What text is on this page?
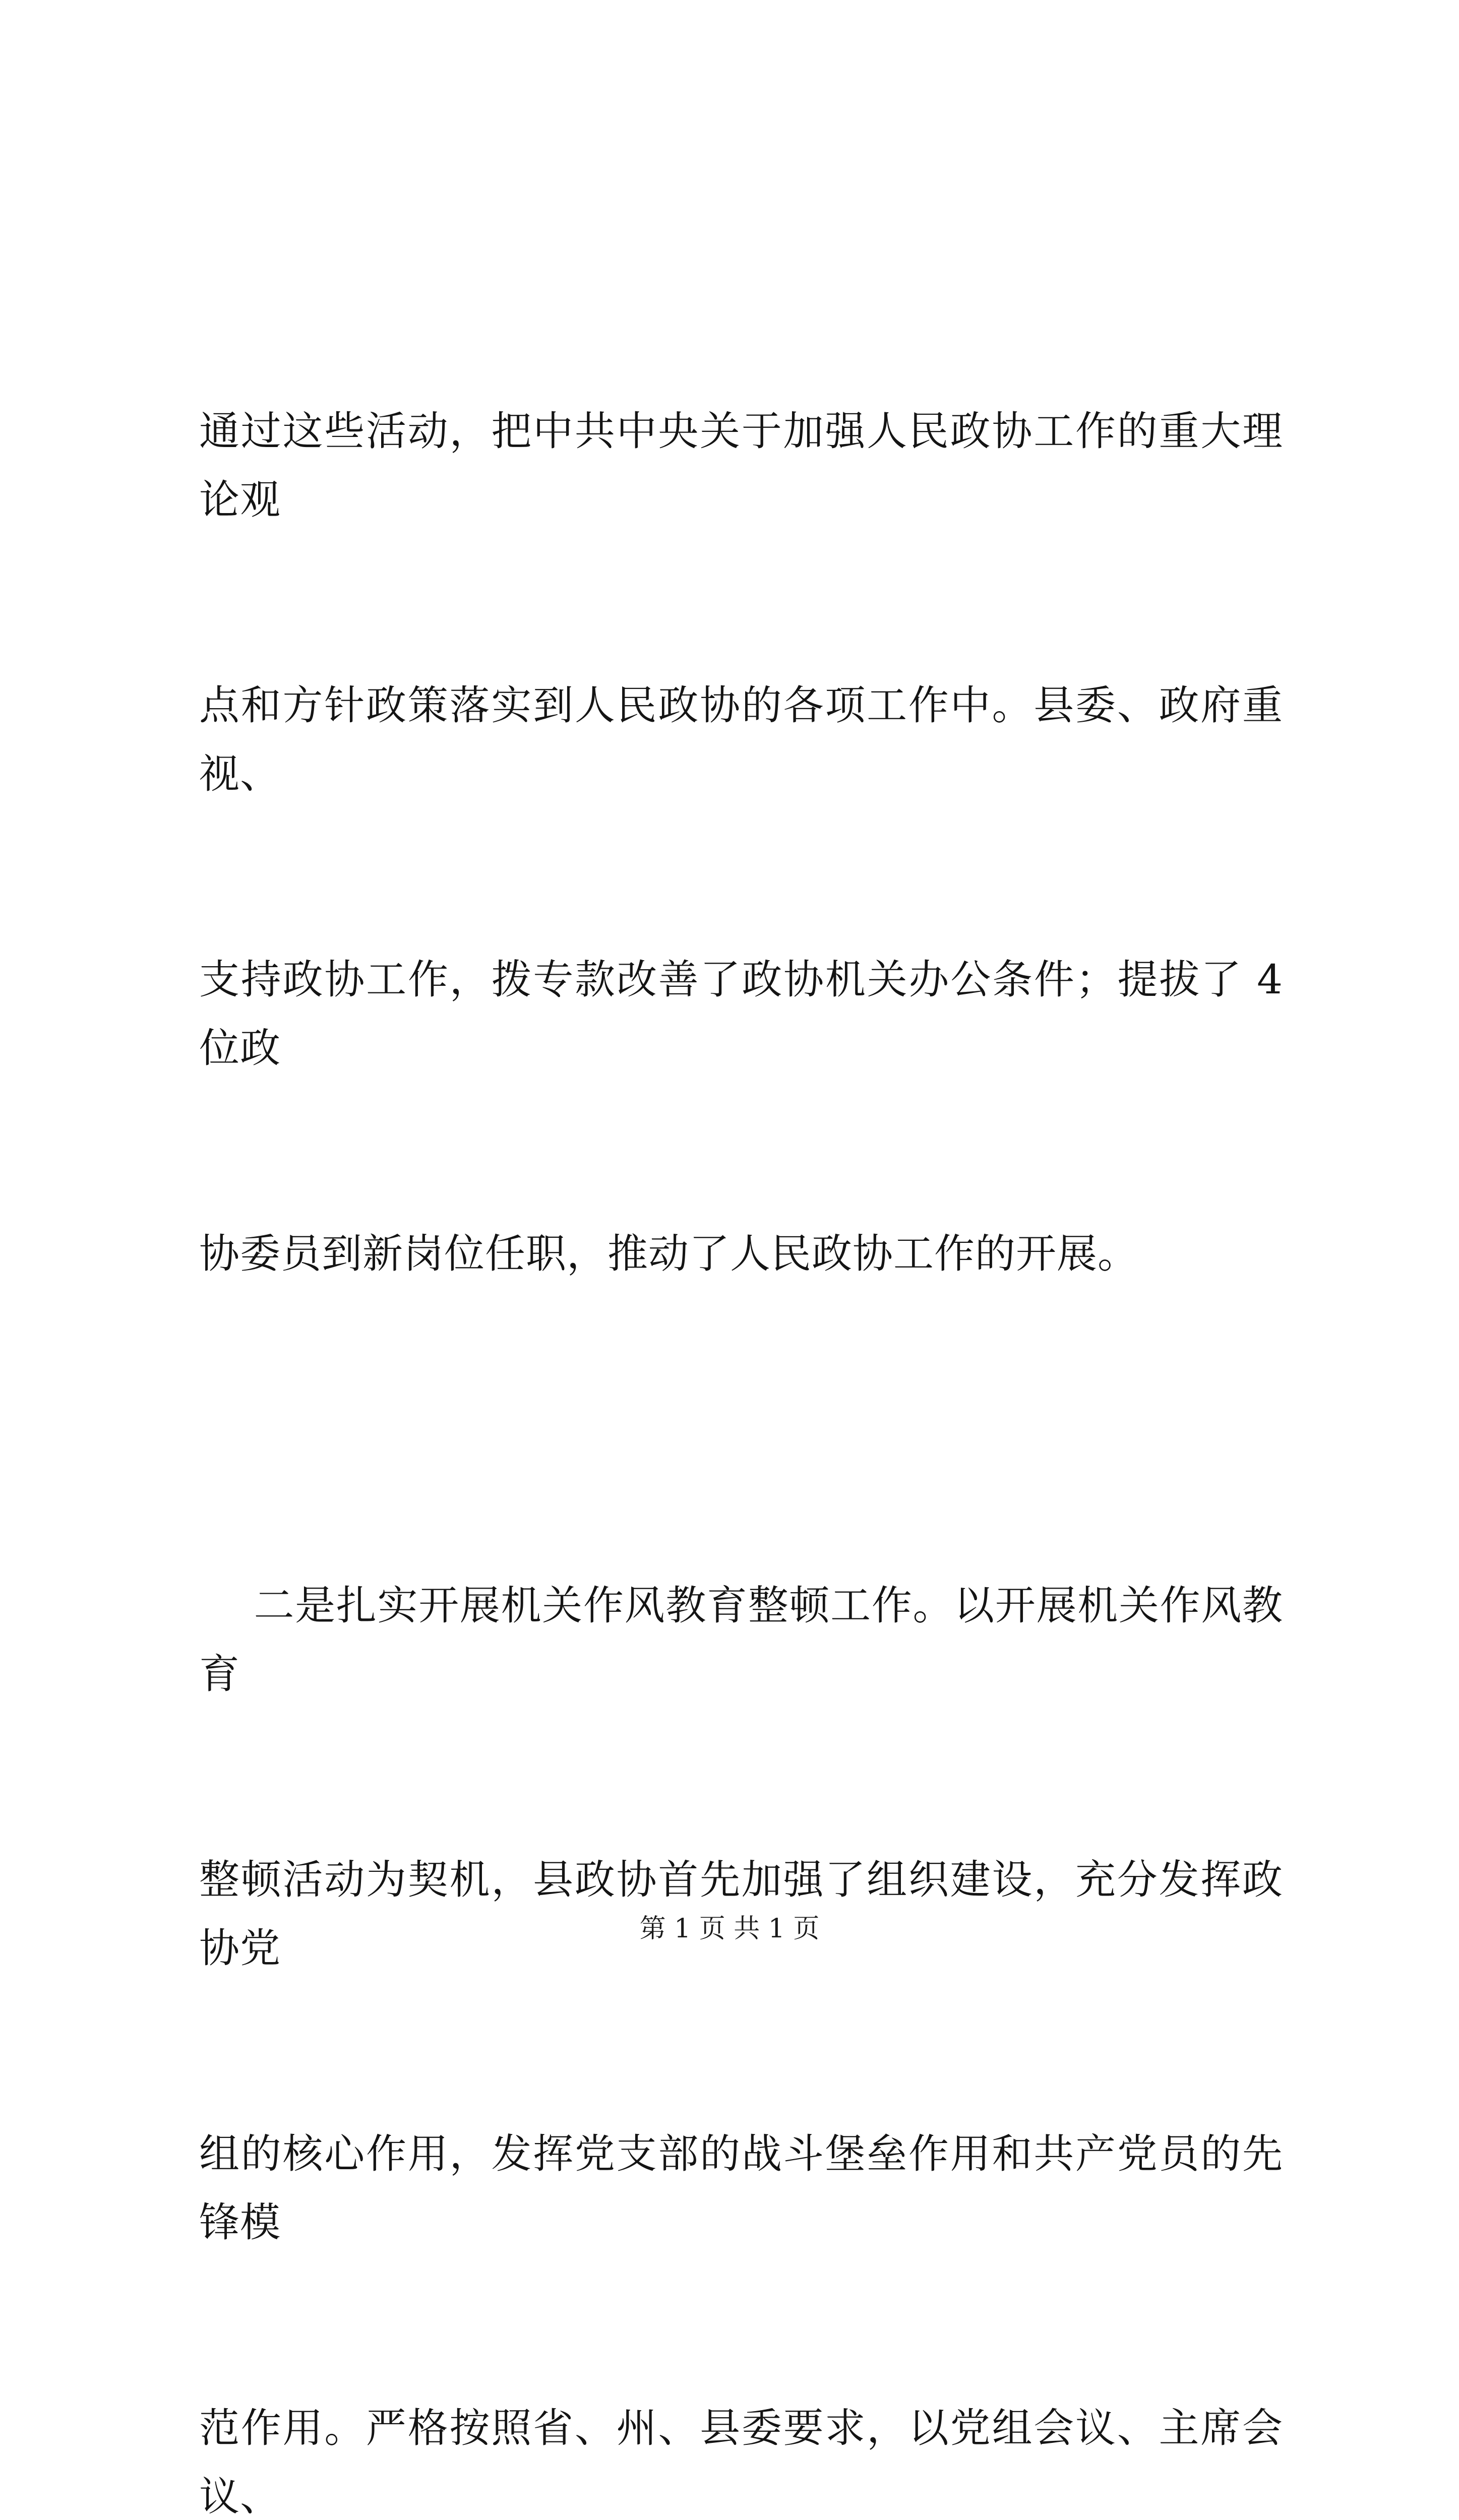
通过这些活动，把中共中央关于加强人民政协工作的重大理论观

点和方针政策落实到人民政协的各项工作中。县委、政府重视、

支持政协工作，拨专款改善了政协机关办公条件；提拔了 4 位政

协委员到新岗位任职，推动了人民政协工作的开展。

二是扎实开展机关作风教育整顿工作。以开展机关作风教育

整顿活动为契机，县政协首先加强了组织建设，充分发挥政协党

组的核心作用，发挥党支部的战斗堡垒作用和共产党员的先锋模

范作用。严格按照省、州、县委要求，以党组会议、主席会议、

第 1 页 共 1 页
